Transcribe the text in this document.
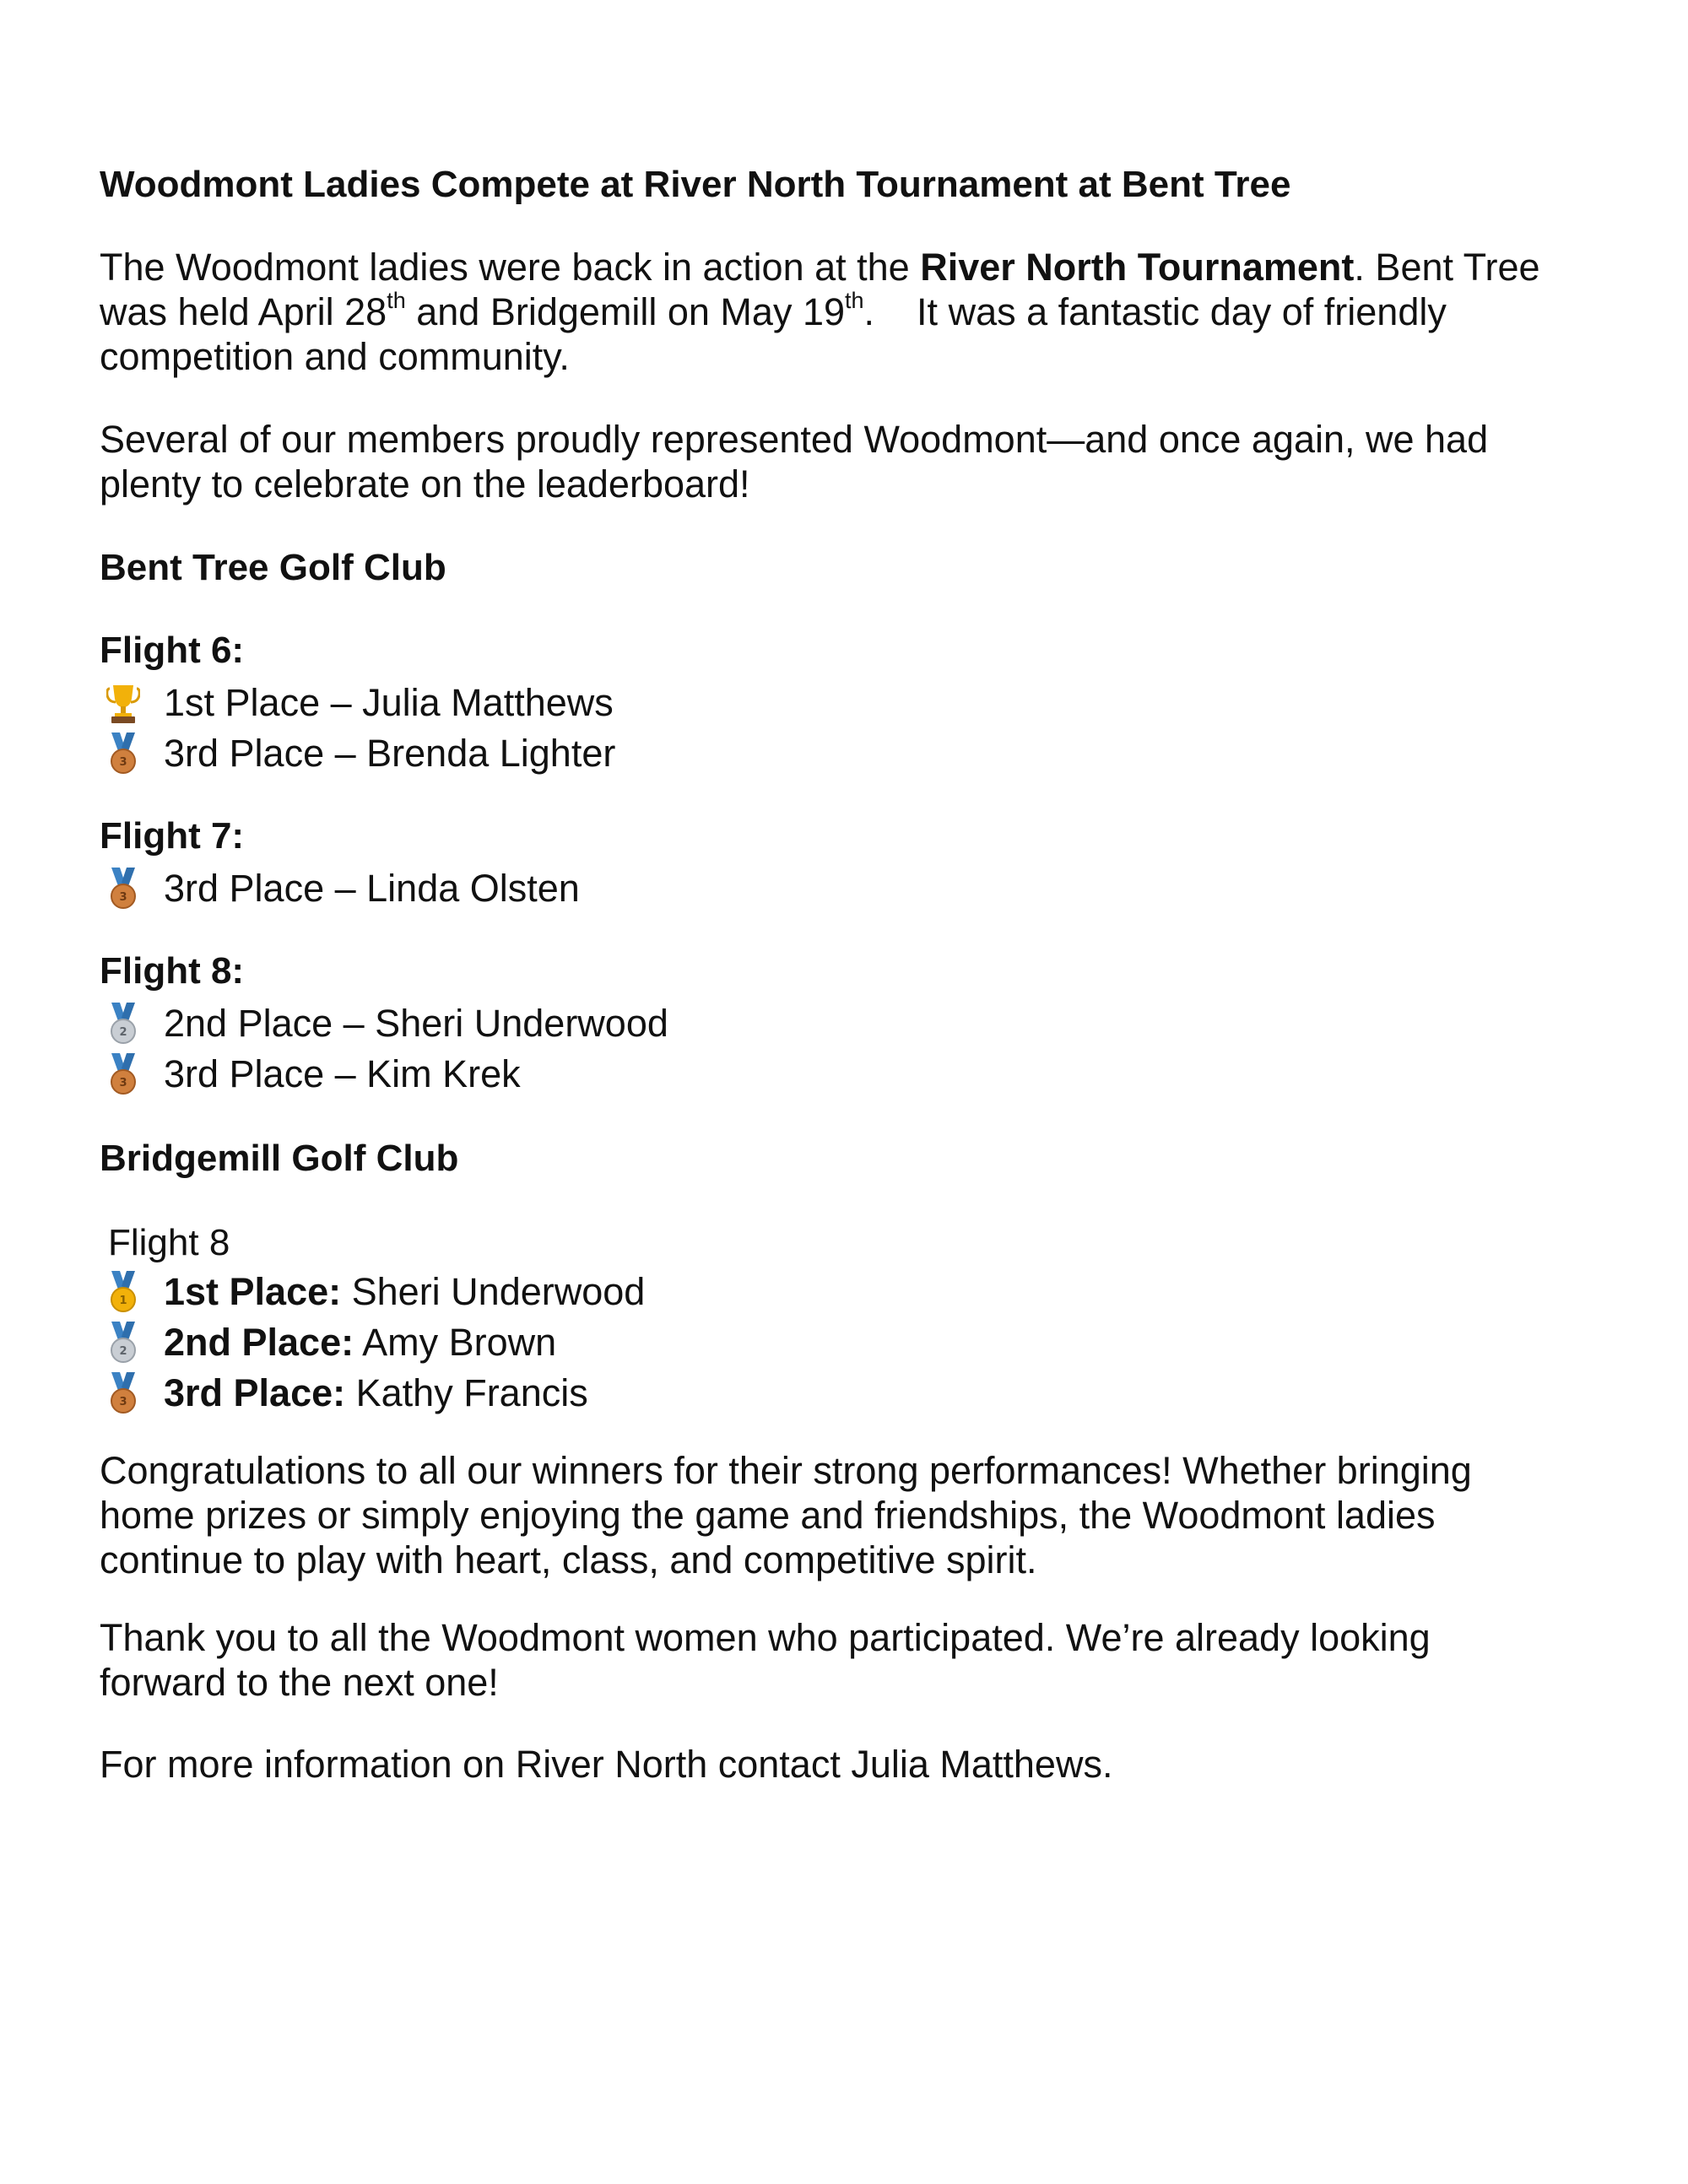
Woodmont Ladies Compete at River North Tournament at Bent Tree
The Woodmont ladies were back in action at the River North Tournament. Bent Tree
was held April 28th and Bridgemill on May 19th.    It was a fantastic day of friendly
competition and community.
Several of our members proudly represented Woodmont—and once again, we had
plenty to celebrate on the leaderboard!
Bent Tree Golf Club
Flight 6:
1st Place – Julia Matthews
3rd Place – Brenda Lighter
Flight 7:
3rd Place – Linda Olsten
Flight 8:
2nd Place – Sheri Underwood
3rd Place – Kim Krek
Bridgemill Golf Club
Flight 8
1st Place: Sheri Underwood
2nd Place: Amy Brown
3rd Place: Kathy Francis
Congratulations to all our winners for their strong performances! Whether bringing
home prizes or simply enjoying the game and friendships, the Woodmont ladies
continue to play with heart, class, and competitive spirit.
Thank you to all the Woodmont women who participated. We’re already looking
forward to the next one!
For more information on River North contact Julia Matthews.
